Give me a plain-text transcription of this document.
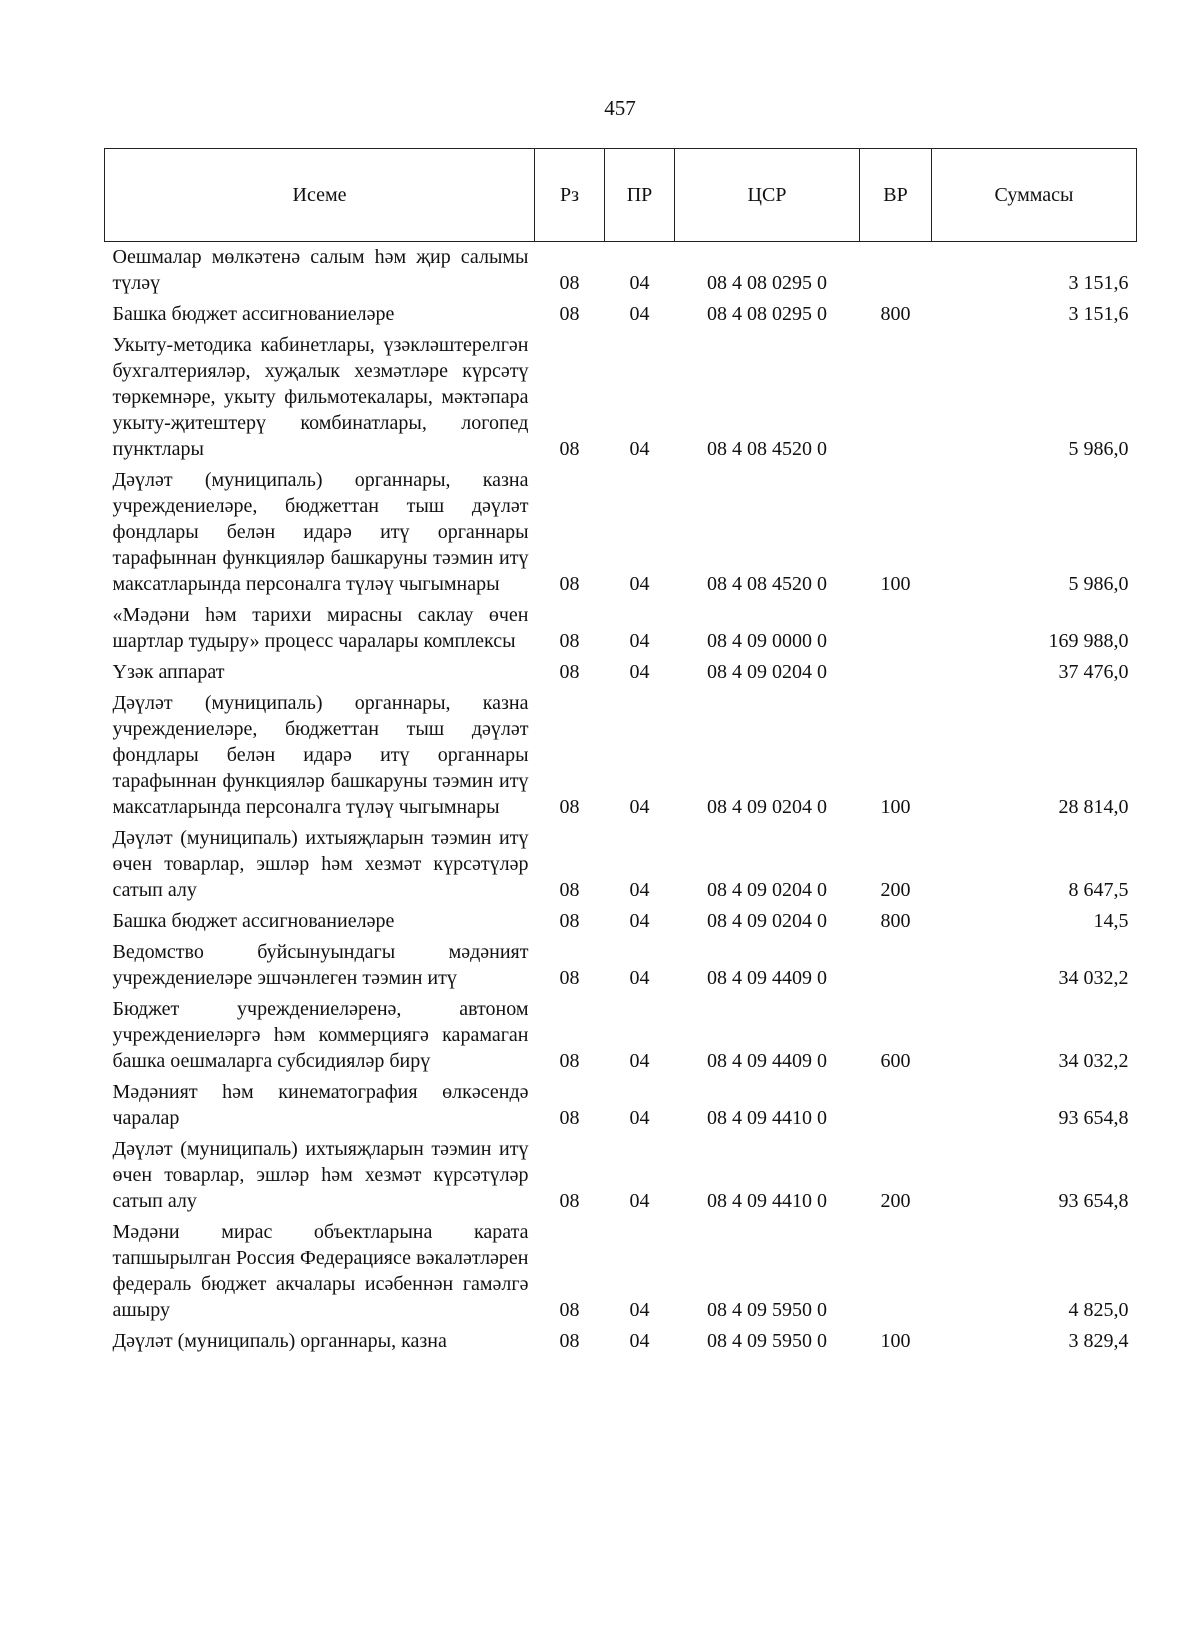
457
Исеме	Рз	ПР	ЦСР	ВР	Суммасы
Оешмалар мөлкәтенә салым һәм җир салымы түләү	08	04	08 4 08 0295 0		3 151,6
Башка бюджет ассигнованиеләре	08	04	08 4 08 0295 0	800	3 151,6
Укыту-методика кабинетлары, үзәкләштерелгән бухгалтерияләр, хуҗалык хезмәтләре күрсәтү төркемнәре, укыту фильмотекалары, мәктәпара укыту-җитештерү комбинатлары, логопед пунктлары	08	04	08 4 08 4520 0		5 986,0
Дәүләт (муниципаль) органнары, казна учреждениеләре, бюджеттан тыш дәүләт фондлары белән идарә итү органнары тарафыннан функцияләр башкаруны тәэмин итү максатларында персоналга түләү чыгымнары	08	04	08 4 08 4520 0	100	5 986,0
«Мәдәни һәм тарихи мирасны саклау өчен шартлар тудыру» процесс чаралары комплексы	08	04	08 4 09 0000 0		169 988,0
Үзәк аппарат	08	04	08 4 09 0204 0		37 476,0
Дәүләт (муниципаль) органнары, казна учреждениеләре, бюджеттан тыш дәүләт фондлары белән идарә итү органнары тарафыннан функцияләр башкаруны тәэмин итү максатларында персоналга түләү чыгымнары	08	04	08 4 09 0204 0	100	28 814,0
Дәүләт (муниципаль) ихтыяҗларын тәэмин итү өчен товарлар, эшләр һәм хезмәт күрсәтүләр сатып алу	08	04	08 4 09 0204 0	200	8 647,5
Башка бюджет ассигнованиеләре	08	04	08 4 09 0204 0	800	14,5
Ведомство буйсынуындагы мәдәният учреждениеләре эшчәнлеген тәэмин итү	08	04	08 4 09 4409 0		34 032,2
Бюджет учреждениеләренә, автоном учреждениеләргә һәм коммерциягә карамаган башка оешмаларга субсидияләр бирү	08	04	08 4 09 4409 0	600	34 032,2
Мәдәният һәм кинематография өлкәсендә чаралар	08	04	08 4 09 4410 0		93 654,8
Дәүләт (муниципаль) ихтыяҗларын тәэмин итү өчен товарлар, эшләр һәм хезмәт күрсәтүләр сатып алу	08	04	08 4 09 4410 0	200	93 654,8
Мәдәни мирас объектларына карата тапшырылган Россия Федерациясе вәкаләтләрен федераль бюджет акчалары исәбеннән гамәлгә ашыру	08	04	08 4 09 5950 0		4 825,0
Дәүләт (муниципаль) органнары, казна	08	04	08 4 09 5950 0	100	3 829,4
